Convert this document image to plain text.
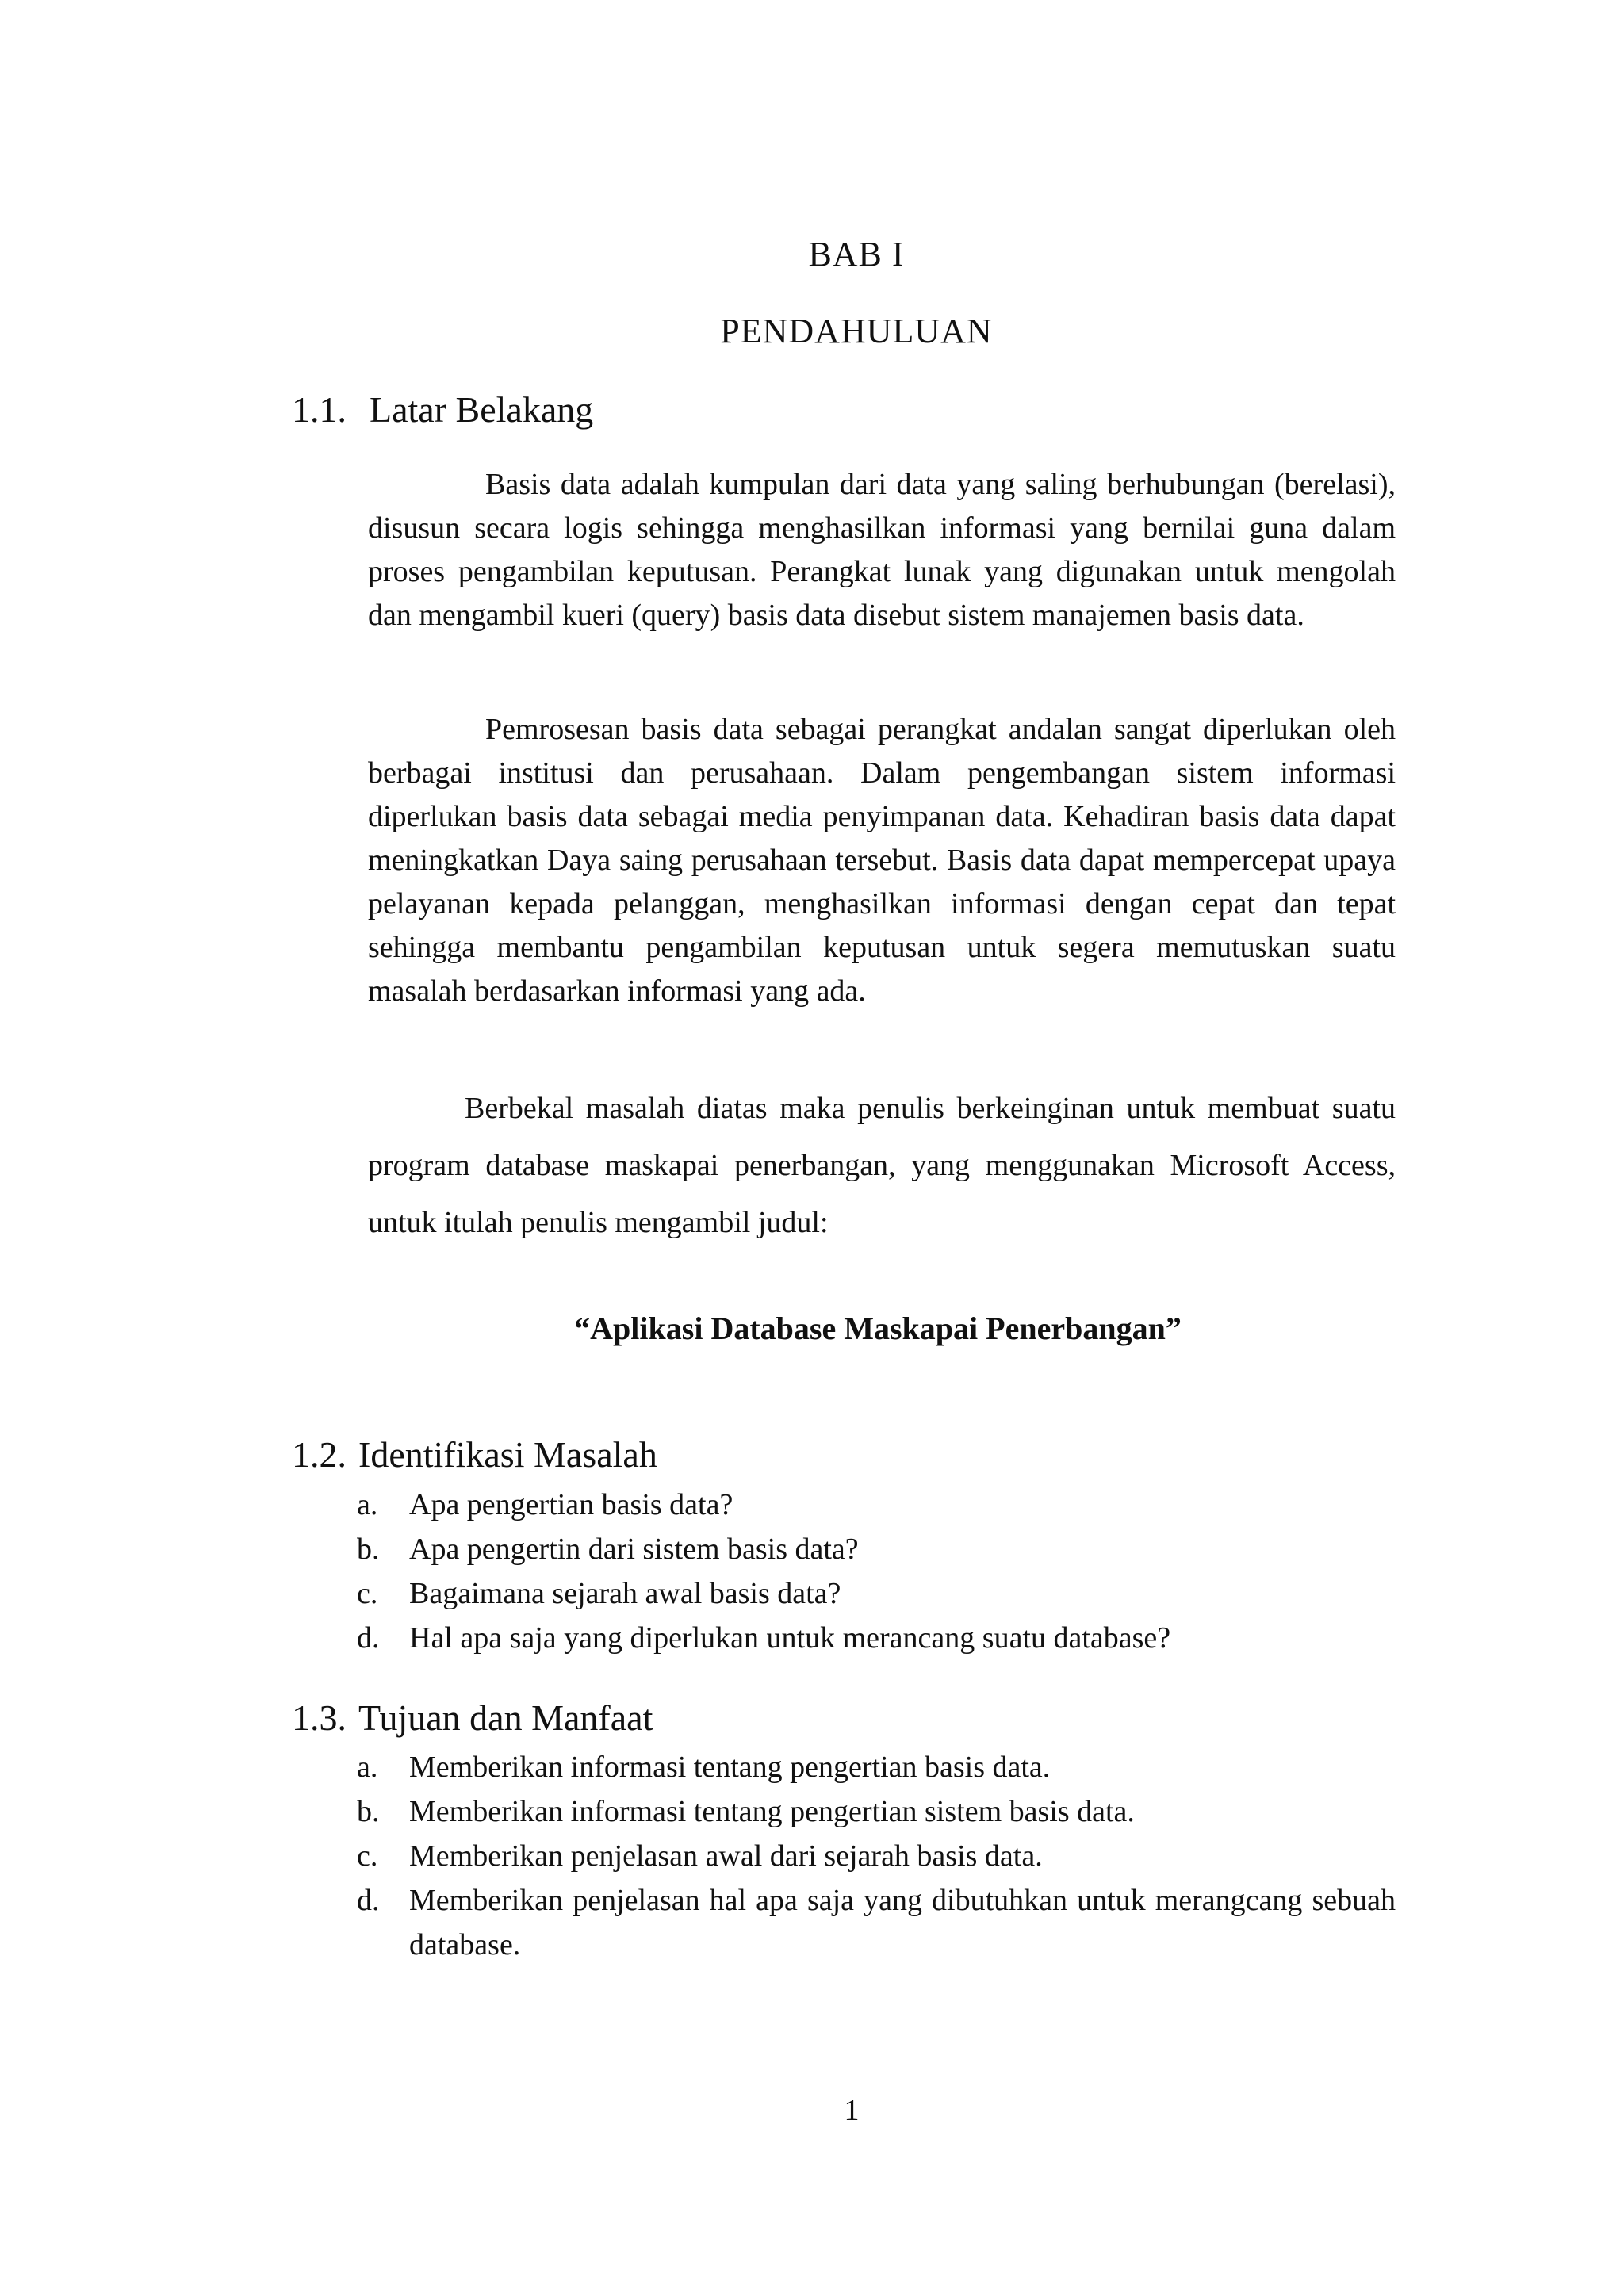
BAB I
PENDAHULUAN
1.1. Latar Belakang

Basis data adalah kumpulan dari data yang saling berhubungan (berelasi), disusun secara logis sehingga menghasilkan informasi yang bernilai guna dalam proses pengambilan keputusan. Perangkat lunak yang digunakan untuk mengolah dan mengambil kueri (query) basis data disebut sistem manajemen basis data.

Pemrosesan basis data sebagai perangkat andalan sangat diperlukan oleh berbagai institusi dan perusahaan. Dalam pengembangan sistem informasi diperlukan basis data sebagai media penyimpanan data. Kehadiran basis data dapat meningkatkan Daya saing perusahaan tersebut. Basis data dapat mempercepat upaya pelayanan kepada pelanggan, menghasilkan informasi dengan cepat dan tepat sehingga membantu pengambilan keputusan untuk segera memutuskan suatu masalah berdasarkan informasi yang ada.

Berbekal masalah diatas maka penulis berkeinginan untuk membuat suatu program database maskapai penerbangan, yang menggunakan Microsoft Access, untuk itulah penulis mengambil judul:

“Aplikasi Database Maskapai Penerbangan”
1.2. Identifikasi Masalah
a. Apa pengertian basis data?
b. Apa pengertin dari sistem basis data?
c. Bagaimana sejarah awal basis data?
d. Hal apa saja yang diperlukan untuk merancang suatu database?
1.3. Tujuan dan Manfaat
a. Memberikan informasi tentang pengertian basis data.
b. Memberikan informasi tentang pengertian sistem basis data.
c. Memberikan penjelasan awal dari sejarah basis data.
d. Memberikan penjelasan hal apa saja yang dibutuhkan untuk merangcang sebuah database.
1
